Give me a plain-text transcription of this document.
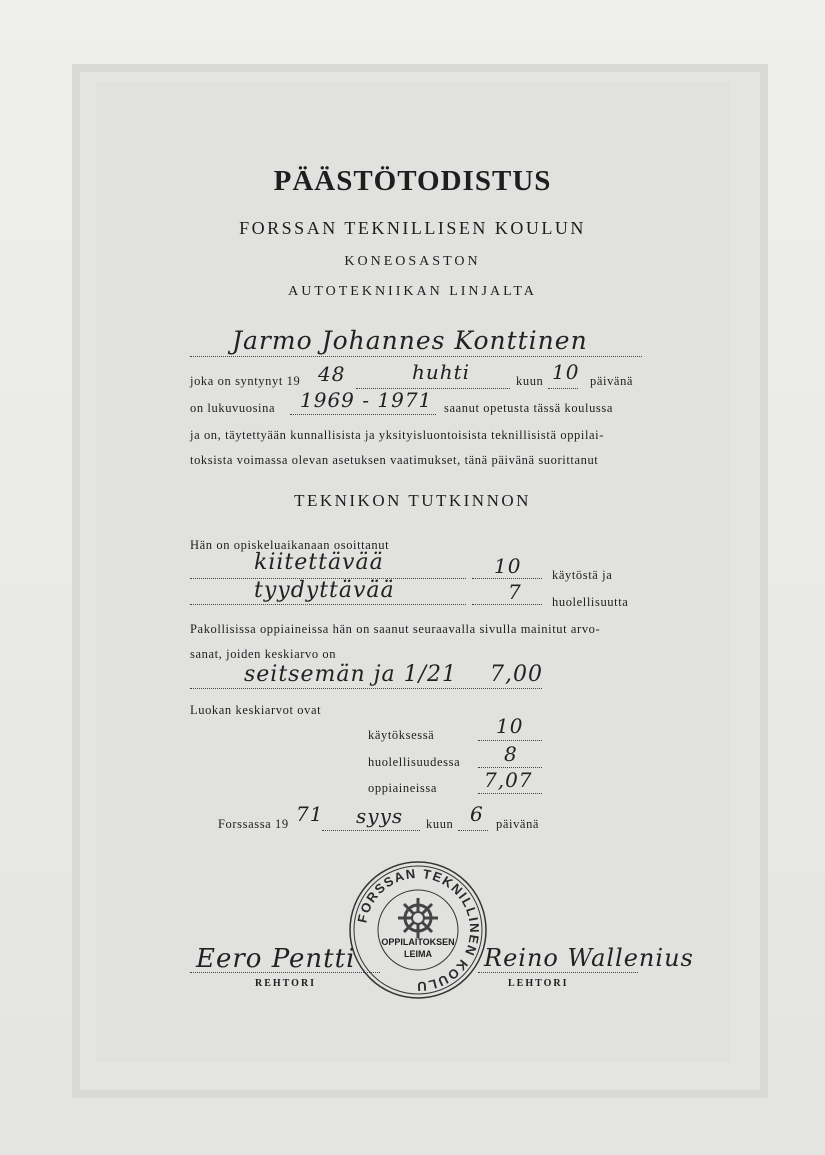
PÄÄSTÖTODISTUS
FORSSAN TEKNILLISEN KOULUN
KONEOSASTON
AUTOTEKNIIKAN LINJALTA
Jarmo Johannes Konttinen
joka on syntynyt 19 48	huhti	kuun 10 päivänä
on lukuvuosina 1969 - 1971 saanut opetusta tässä koulussa
ja on, täytettyään kunnallisista ja yksityisluontoisista teknillisistä oppilai-
toksista voimassa olevan asetuksen vaatimukset, tänä päivänä suorittanut
TEKNIKON TUTKINNON
Hän on opiskeluaikanaan osoittanut
kiitettävää	10 käytöstä ja
tyydyttävää	7 huolellisuutta
Pakollisissa oppiaineissa hän on saanut seuraavalla sivulla mainitut arvo-
sanat, joiden keskiarvo on
seitsemän ja 1/21 7,00
Luokan keskiarvot ovat
käytöksessä	10
huolellisuudessa 8
oppiaineissa 7,07
Forssassa 19 71 syys kuun 6 päivänä
FORSSAN TEKNILLINEN KOULU
OPPILAITOKSEN
LEIMA
Eero Pentti
REHTORI
Reino Wallenius
LEHTORI
